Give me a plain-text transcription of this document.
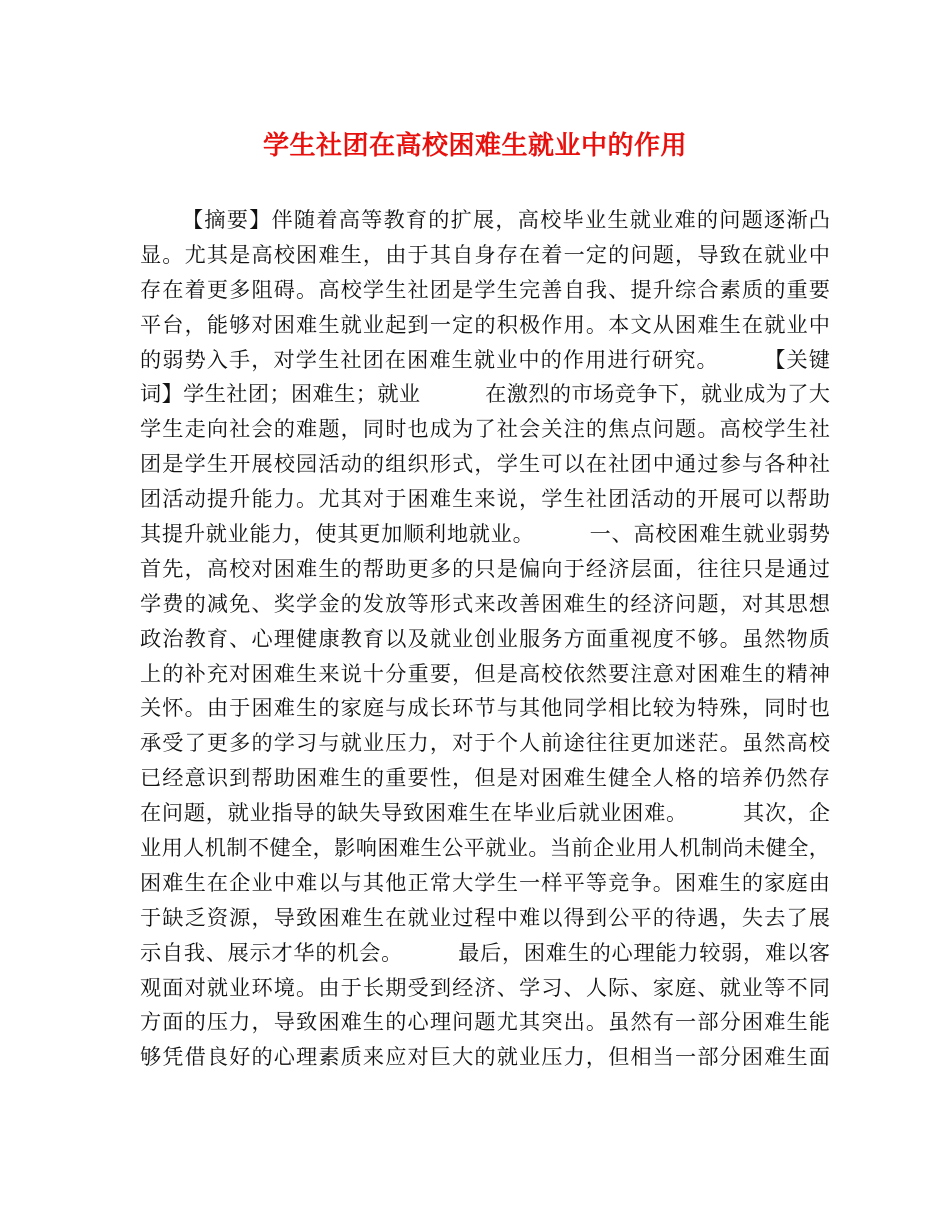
学生社团在高校困难生就业中的作用
【摘要】伴随着高等教育的扩展，高校毕业生就业难的问题逐渐凸
显。尤其是高校困难生，由于其自身存在着一定的问题，导致在就业中
存在着更多阻碍。高校学生社团是学生完善自我、提升综合素质的重要
平台，能够对困难生就业起到一定的积极作用。本文从困难生在就业中
的弱势入手，对学生社团在困难生就业中的作用进行研究。　　　【关键
词】学生社团；困难生；就业　　　在激烈的市场竞争下，就业成为了大
学生走向社会的难题，同时也成为了社会关注的焦点问题。高校学生社
团是学生开展校园活动的组织形式，学生可以在社团中通过参与各种社
团活动提升能力。尤其对于困难生来说，学生社团活动的开展可以帮助
其提升就业能力，使其更加顺利地就业。　　　一、高校困难生就业弱势
首先，高校对困难生的帮助更多的只是偏向于经济层面，往往只是通过
学费的减免、奖学金的发放等形式来改善困难生的经济问题，对其思想
政治教育、心理健康教育以及就业创业服务方面重视度不够。虽然物质
上的补充对困难生来说十分重要，但是高校依然要注意对困难生的精神
关怀。由于困难生的家庭与成长环节与其他同学相比较为特殊，同时也
承受了更多的学习与就业压力，对于个人前途往往更加迷茫。虽然高校
已经意识到帮助困难生的重要性，但是对困难生健全人格的培养仍然存
在问题，就业指导的缺失导致困难生在毕业后就业困难。　　　其次，企
业用人机制不健全，影响困难生公平就业。当前企业用人机制尚未健全，
困难生在企业中难以与其他正常大学生一样平等竞争。困难生的家庭由
于缺乏资源，导致困难生在就业过程中难以得到公平的待遇，失去了展
示自我、展示才华的机会。　　　最后，困难生的心理能力较弱，难以客
观面对就业环境。由于长期受到经济、学习、人际、家庭、就业等不同
方面的压力，导致困难生的心理问题尤其突出。虽然有一部分困难生能
够凭借良好的心理素质来应对巨大的就业压力，但相当一部分困难生面
